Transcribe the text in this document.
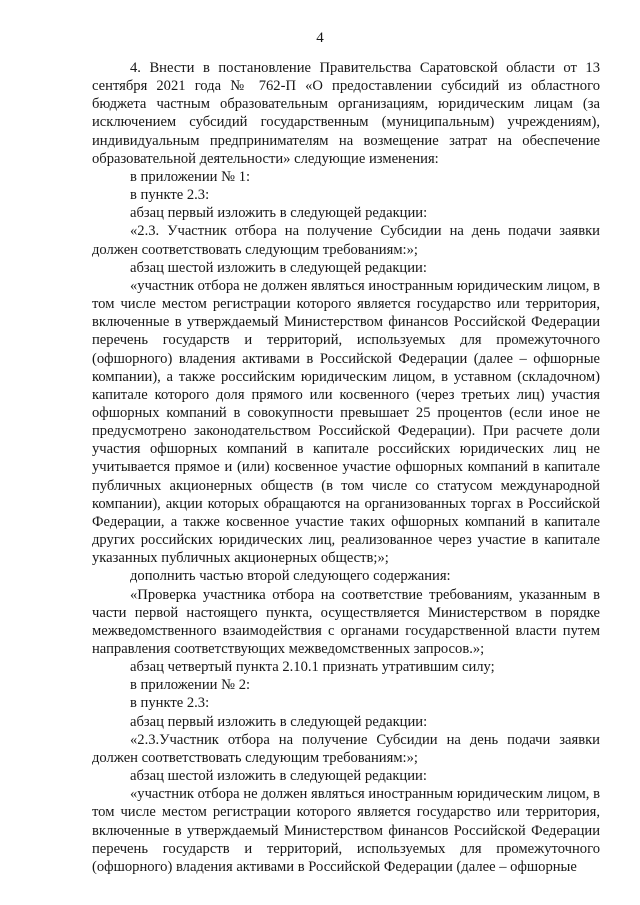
4

4. Внести в постановление Правительства Саратовской области от 13 сентября 2021 года № 762-П «О предоставлении субсидий из областного бюджета частным образовательным организациям, юридическим лицам (за исключением субсидий государственным (муниципальным) учреждениям), индивидуальным предпринимателям на возмещение затрат на обеспечение образовательной деятельности» следующие изменения:

в приложении № 1:

в пункте 2.3:

абзац первый изложить в следующей редакции:

«2.3. Участник отбора на получение Субсидии на день подачи заявки должен соответствовать следующим требованиям:»;

абзац шестой изложить в следующей редакции:

«участник отбора не должен являться иностранным юридическим лицом, в том числе местом регистрации которого является государство или территория, включенные в утверждаемый Министерством финансов Российской Федерации перечень государств и территорий, используемых для промежуточного (офшорного) владения активами в Российской Федерации (далее – офшорные компании), а также российским юридическим лицом, в уставном (складочном) капитале которого доля прямого или косвенного (через третьих лиц) участия офшорных компаний в совокупности превышает 25 процентов (если иное не предусмотрено законодательством Российской Федерации). При расчете доли участия офшорных компаний в капитале российских юридических лиц не учитывается прямое и (или) косвенное участие офшорных компаний в капитале публичных акционерных обществ (в том числе со статусом международной компании), акции которых обращаются на организованных торгах в Российской Федерации, а также косвенное участие таких офшорных компаний в капитале других российских юридических лиц, реализованное через участие в капитале указанных публичных акционерных обществ;»;

дополнить частью второй следующего содержания:

«Проверка участника отбора на соответствие требованиям, указанным в части первой настоящего пункта, осуществляется Министерством в порядке межведомственного взаимодействия с органами государственной власти путем направления соответствующих межведомственных запросов.»;

абзац четвертый пункта 2.10.1 признать утратившим силу;

в приложении № 2:

в пункте 2.3:

абзац первый изложить в следующей редакции:

«2.3.Участник отбора на получение Субсидии на день подачи заявки должен соответствовать следующим требованиям:»;

абзац шестой изложить в следующей редакции:

«участник отбора не должен являться иностранным юридическим лицом, в том числе местом регистрации которого является государство или территория, включенные в утверждаемый Министерством финансов Российской Федерации перечень государств и территорий, используемых для промежуточного (офшорного) владения активами в Российской Федерации (далее – офшорные
